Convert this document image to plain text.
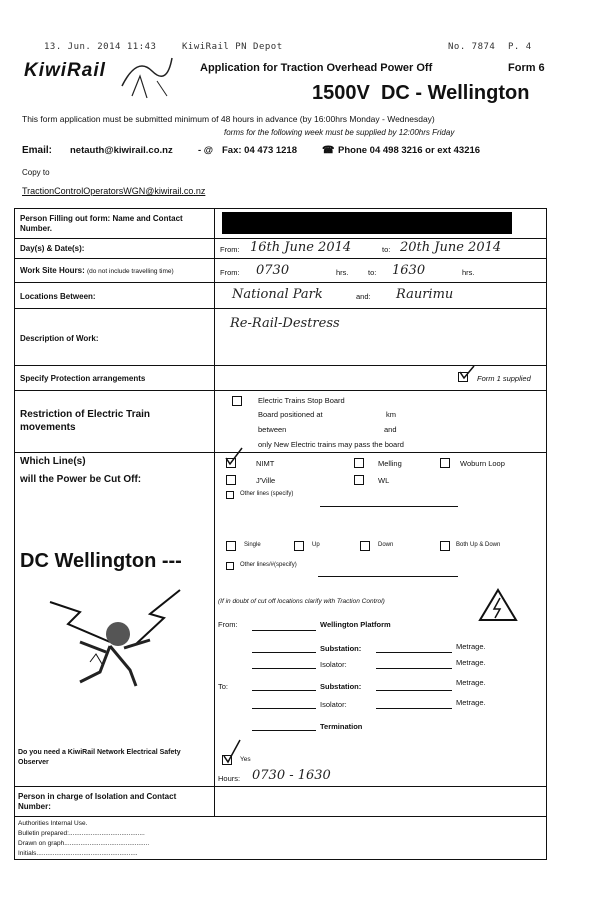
13. Jun. 2014 11:43	KiwiRail PN Depot	No. 7874 P. 4
KiwiRail	Application for Traction Overhead Power Off	Form 6
1500V  DC - Wellington
This form application must be submitted minimum of 48 hours in advance (by 16:00hrs Monday - Wednesday)
forms for the following week must be supplied by 12:00hrs Friday
Email: netauth@kiwirail.co.nz	- @ Fax: 04 473 1218 ☎ Phone 04 498 3216 or ext 43216
Copy to
TractionControlOperatorsWGN@kiwirail.co.nz
Person Filling out form: Name and Contact Number.
Day(s) & Date(s):	From: 16th June 2014	to: 20th June 2014
Work Site Hours: (do not include travelling time)	From: 0730	hrs.	to: 1630	hrs.
Locations Between:	National Park	and: Raurimu
Description of Work:
Re-Rail-Destress
Specify Protection arrangements	Form 1 supplied
Restriction of Electric Train movements
Electric Trains Stop Board
Board positioned at	km
between	and
only New Electric trains may pass the board
Which Line(s)
will the Power be Cut Off:
NIMT	Melling	Woburn Loop
J'Ville	WL
Other lines (specify)
Single	Up	Down	Both Up & Down
Other lines/#(specify)
DC Wellington ---
(If in doubt of cut off locations clarify with Traction Control)
From:	Wellington Platform
Substation:	Metrage.
Isolator:	Metrage.
To:	Substation:	Metrage.
Isolator:	Metrage.
Termination
Do you need a KiwiRail Network Electrical Safety Observer	Yes
Hours: 0730 - 1630
Person in charge of Isolation and Contact Number:
Authorities Internal Use.
Bulletin prepared:..........................................
Drawn on graph...............................................
Initials........................................................
